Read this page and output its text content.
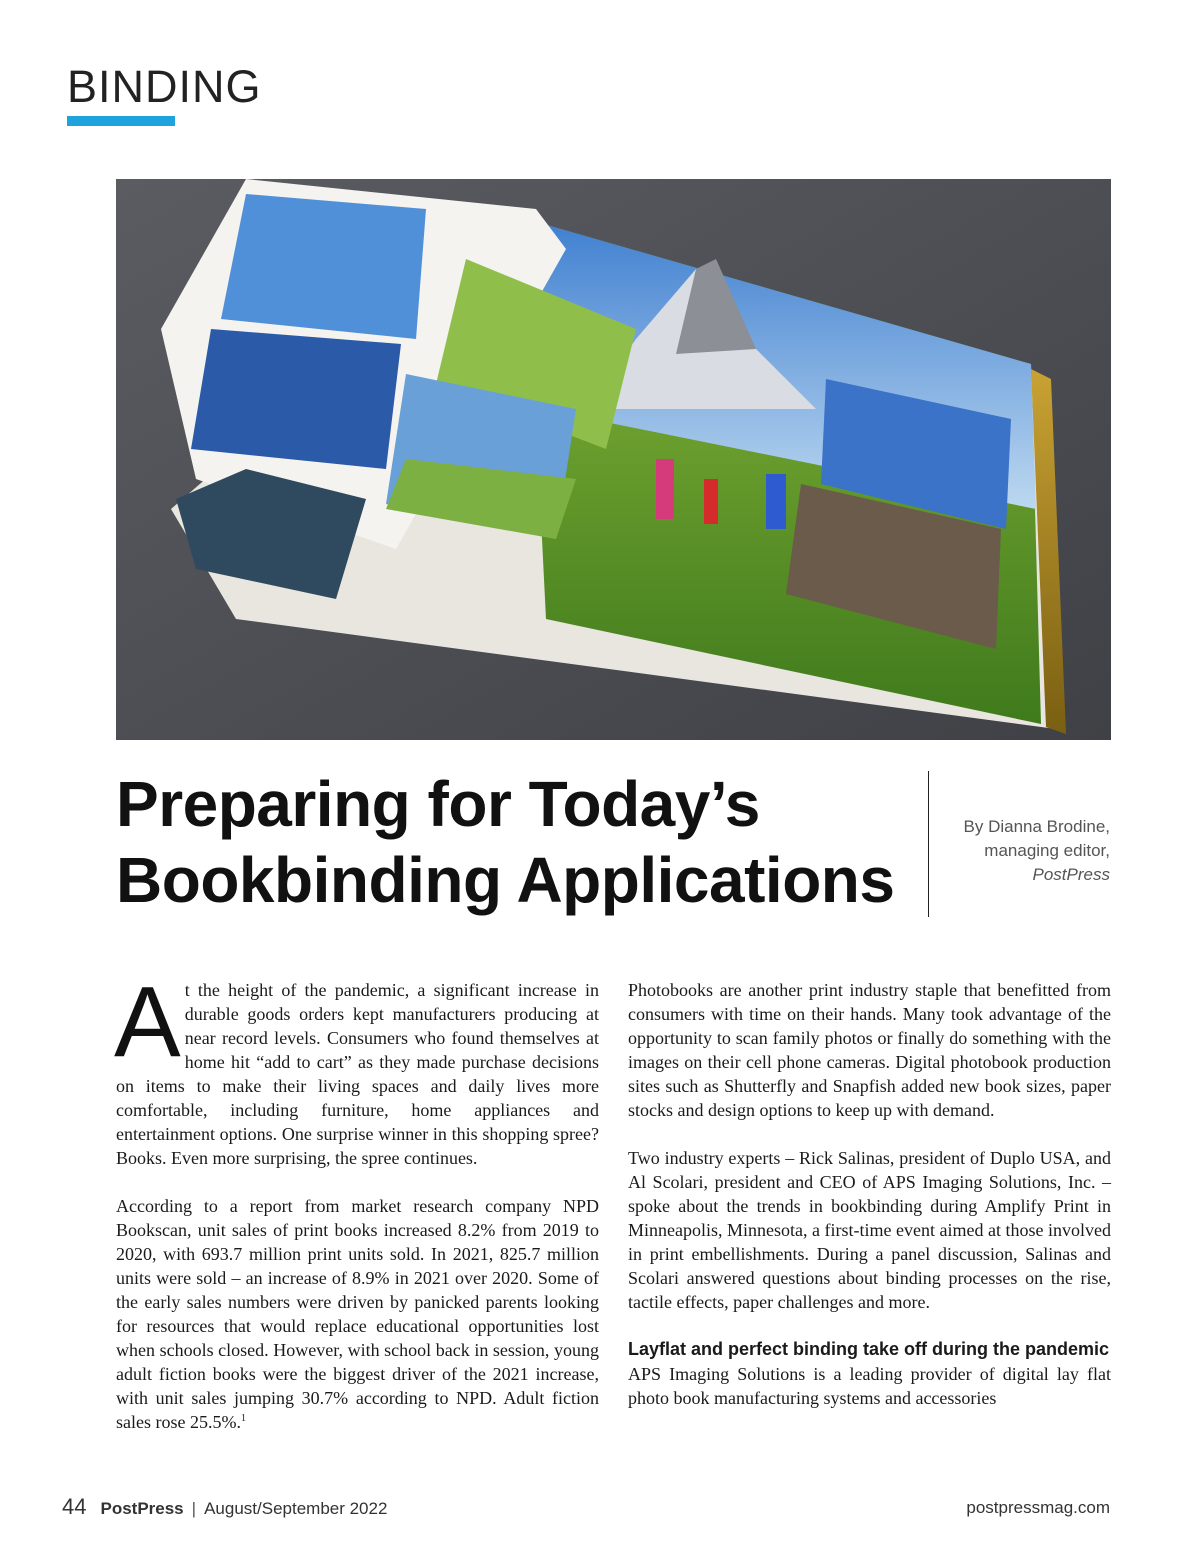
BINDING
Preparing for Today’s
Bookbinding Applications
By Dianna Brodine,
managing editor,
PostPress

At the height of the pandemic, a significant increase in durable goods orders kept manufacturers producing at near record levels. Consumers who found themselves at home hit “add to cart” as they made purchase decisions on items to make their living spaces and daily lives more comfortable, including furniture, home appliances and entertainment options. One surprise winner in this shopping spree? Books. Even more surprising, the spree continues.

According to a report from market research company NPD Bookscan, unit sales of print books increased 8.2% from 2019 to 2020, with 693.7 million print units sold. In 2021, 825.7 million units were sold – an increase of 8.9% in 2021 over 2020. Some of the early sales numbers were driven by panicked parents looking for resources that would replace educational opportunities lost when schools closed. However, with school back in session, young adult fiction books were the biggest driver of the 2021 increase, with unit sales jumping 30.7% according to NPD. Adult fiction sales rose 25.5%.$^1$

Photobooks are another print industry staple that benefitted from consumers with time on their hands. Many took advantage of the opportunity to scan family photos or finally do something with the images on their cell phone cameras. Digital photobook production sites such as Shutterfly and Snapfish added new book sizes, paper stocks and design options to keep up with demand.

Two industry experts – Rick Salinas, president of Duplo USA, and Al Scolari, president and CEO of APS Imaging Solutions, Inc. – spoke about the trends in bookbinding during Amplify Print in Minneapolis, Minnesota, a first-time event aimed at those involved in print embellishments. During a panel discussion, Salinas and Scolari answered questions about binding processes on the rise, tactile effects, paper challenges and more.

Layflat and perfect binding take off during the pandemic

APS Imaging Solutions is a leading provider of digital lay flat photo book manufacturing systems and accessories

44 PostPress | August/September 2022	postpressmag.com
